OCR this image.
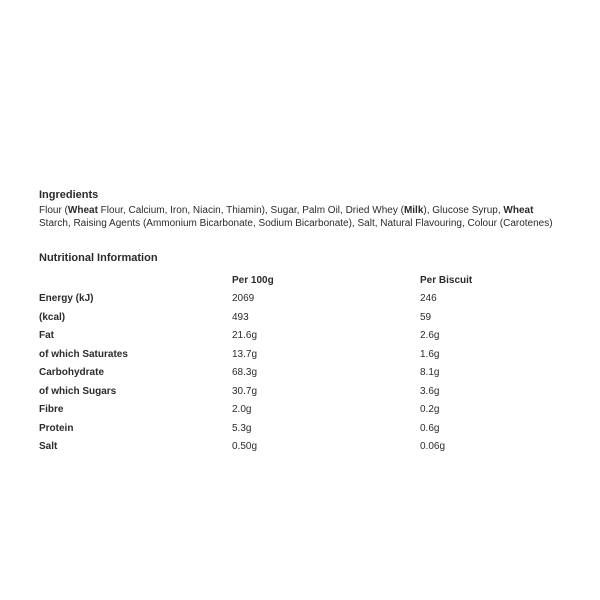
Ingredients

Flour (Wheat Flour, Calcium, Iron, Niacin, Thiamin), Sugar, Palm Oil, Dried Whey (Milk), Glucose Syrup, Wheat Starch, Raising Agents (Ammonium Bicarbonate, Sodium Bicarbonate), Salt, Natural Flavouring, Colour (Carotenes)

Nutritional Information
	Per 100g	Per Biscuit
Energy (kJ)	2069	246
(kcal)	493	59
Fat	21.6g	2.6g
of which Saturates	13.7g	1.6g
Carbohydrate	68.3g	8.1g
of which Sugars	30.7g	3.6g
Fibre	2.0g	0.2g
Protein	5.3g	0.6g
Salt	0.50g	0.06g
